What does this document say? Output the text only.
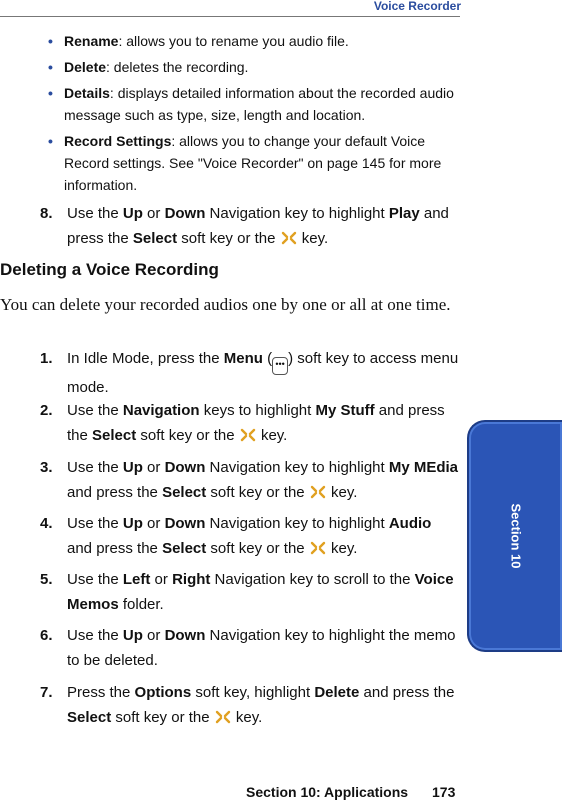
Voice Recorder
Section 10
• Rename: allows you to rename you audio file.
• Delete: deletes the recording.
• Details: displays detailed information about the recorded audio message such as type, size, length and location.
• Record Settings: allows you to change your default Voice Record settings. See "Voice Recorder" on page 145 for more information.
8. Use the Up or Down Navigation key to highlight Play and press the Select soft key or the  key.
Deleting a Voice Recording
You can delete your recorded audios one by one or all at one time.
1. In Idle Mode, press the Menu ( ••• ) soft key to access menu mode.
2. Use the Navigation keys to highlight My Stuff and press the Select soft key or the  key.
3. Use the Up or Down Navigation key to highlight My MEdia and press the Select soft key or the  key.
4. Use the Up or Down Navigation key to highlight Audio and press the Select soft key or the  key.
5. Use the Left or Right Navigation key to scroll to the Voice Memos folder.
6. Use the Up or Down Navigation key to highlight the memo to be deleted.
7. Press the Options soft key, highlight Delete and press the Select soft key or the  key.
Section 10: Applications 173
